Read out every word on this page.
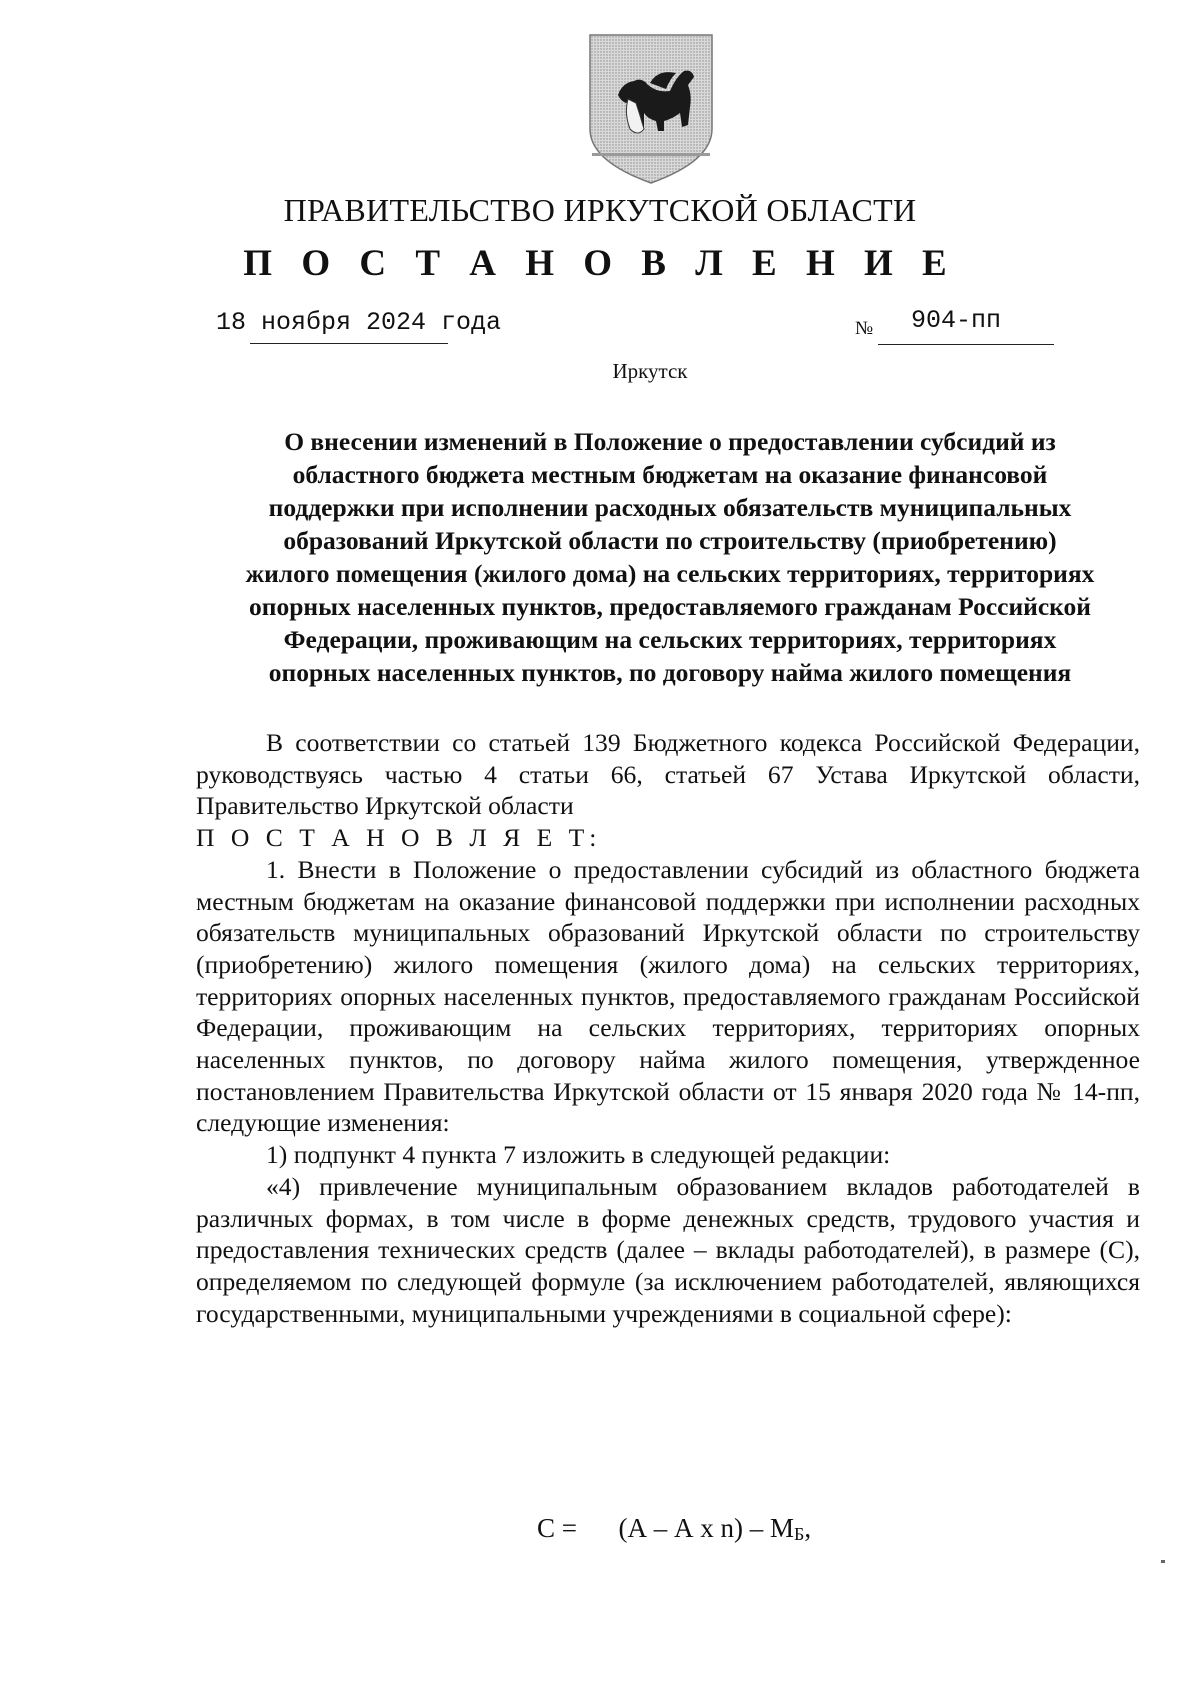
ПРАВИТЕЛЬСТВО ИРКУТСКОЙ ОБЛАСТИ
П О С Т А Н О В Л Е Н И Е
18 ноября 2024 года	№ 904-пп
Иркутск
О внесении изменений в Положение о предоставлении субсидий из
областного бюджета местным бюджетам на оказание финансовой
поддержки при исполнении расходных обязательств муниципальных
образований Иркутской области по строительству (приобретению)
жилого помещения (жилого дома) на сельских территориях, территориях
опорных населенных пунктов, предоставляемого гражданам Российской
Федерации, проживающим на сельских территориях, территориях
опорных населенных пунктов, по договору найма жилого помещения

В соответствии со статьей 139 Бюджетного кодекса Российской Федерации, руководствуясь частью 4 статьи 66, статьей 67 Устава Иркутской области, Правительство Иркутской области

П О С Т А Н О В Л Я Е Т:

1. Внести в Положение о предоставлении субсидий из областного бюджета местным бюджетам на оказание финансовой поддержки при исполнении расходных обязательств муниципальных образований Иркутской области по строительству (приобретению) жилого помещения (жилого дома) на сельских территориях, территориях опорных населенных пунктов, предоставляемого гражданам Российской Федерации, проживающим на сельских территориях, территориях опорных населенных пунктов, по договору найма жилого помещения, утвержденное постановлением Правительства Иркутской области от 15 января 2020 года № 14-пп, следующие изменения:

1) подпункт 4 пункта 7 изложить в следующей редакции:

«4) привлечение муниципальным образованием вкладов работодателей в различных формах, в том числе в форме денежных средств, трудового участия и предоставления технических средств (далее – вклады работодателей), в размере (С), определяемом по следующей формуле (за исключением работодателей, являющихся государственными, муниципальными учреждениями в социальной сфере):

С = (А – А х $n) - М_Б$,
